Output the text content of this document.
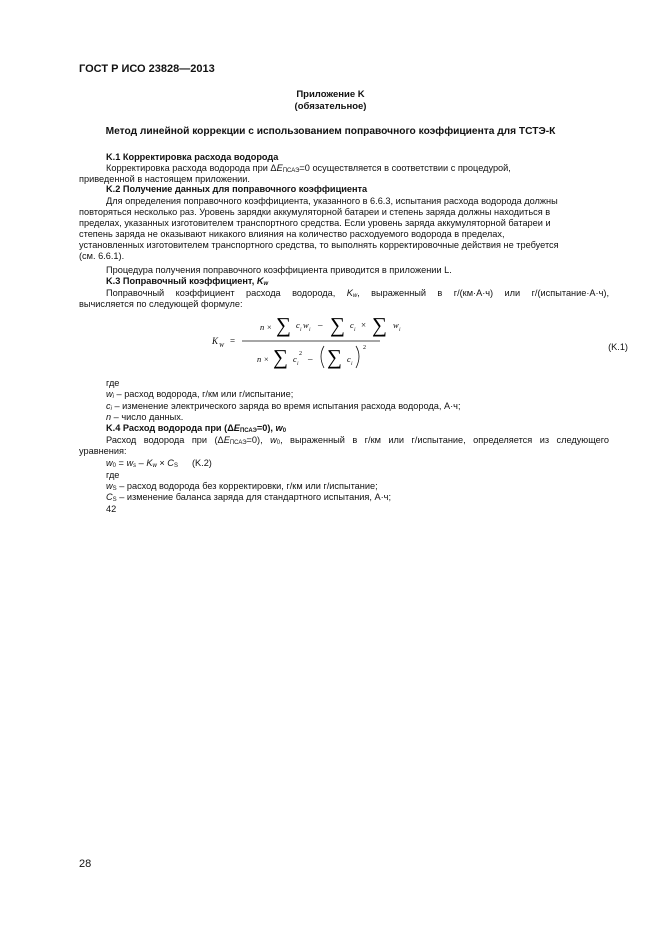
ГОСТ Р ИСО 23828—2013
Приложение K
(обязательное)
Метод линейной коррекции с использованием поправочного коэффициента для ТСТЭ-К
K.1 Корректировка расхода водорода
Корректировка расхода водорода при $\Delta E_{ПСАЭ}=0$ осуществляется в соответствии с процедурой,
приведенной в настоящем приложении.
K.2 Получение данных для поправочного коэффициента
Для определения поправочного коэффициента, указанного в 6.6.3, испытания расхода водорода должны
повторяться несколько раз. Уровень зарядки аккумуляторной батареи и степень заряда должны находиться в
пределах, указанных изготовителем транспортного средства. Если уровень заряда аккумуляторной батареи и
степень заряда не оказывают никакого влияния на количество расходуемого водорода в пределах,
установленных изготовителем транспортного средства, то выполнять корректировочные действия не требуется
(см. 6.6.1).
Процедура получения поправочного коэффициента приводится в приложении L.
K.3 Поправочный коэффициент, $K_w$
Поправочный коэффициент расхода водорода, $K_w$, выраженный в г/(км·А·ч) или г/(испытание·А·ч),
вычисляется по следующей формуле:
K W =
n × ∑ c i w i – ∑ c i × ∑ w i
n × ∑ c i
2 – ∑ c i
2	(K.1)
где
$w_i$ – расход водорода, г/км или г/испытание;
$c_i$ – изменение электрического заряда во время испытания расхода водорода, А·ч;
n – число данных.
K.4 Расход водорода при $(\Delta E_{ПСАЭ}=0)$, $w_0$
Расход водорода при $(\Delta E_{ПСАЭ}=0)$, $w_0$, выраженный в г/км или г/испытание, определяется из следующего
уравнения:
$w_0 = w_s - K_w \times C_S$ (K.2)
где
$w_S$ – расход водорода без корректировки, г/км или г/испытание;
$C_S$ – изменение баланса заряда для стандартного испытания, А·ч;
42
28
